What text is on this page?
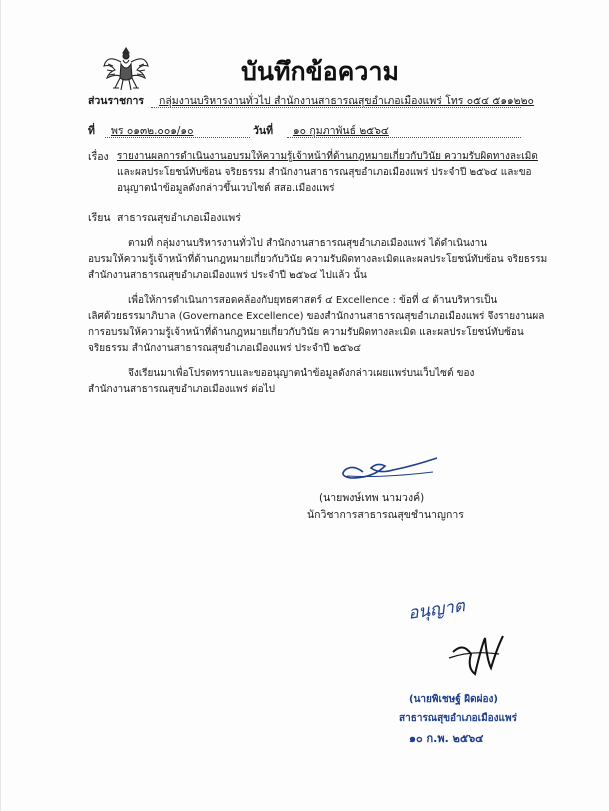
บันทึกข้อความ
ส่วนราชการ กลุ่มงานบริหารงานทั่วไป สำนักงานสาธารณสุขอำเภอเมืองแพร่ โทร ๐๕๔ ๕๑๑๒๒๐
ที่ พร ๐๑๓๒.๐๐๑/๑๐	วันที่ ๑๐ กุมภาพันธ์ ๒๕๖๔
เรื่อง รายงานผลการดำเนินงานอบรมให้ความรู้เจ้าหน้าที่ด้านกฎหมายเกี่ยวกับวินัย ความรับผิดทางละเมิด
และผลประโยชน์ทับซ้อน จริยธรรม สำนักงานสาธารณสุขอำเภอเมืองแพร่ ประจำปี ๒๕๖๔ และขอ
อนุญาตนำข้อมูลดังกล่าวขึ้นเวบไซต์ สสอ.เมืองแพร่
เรียน สาธารณสุขอำเภอเมืองแพร่
ตามที่ กลุ่มงานบริหารงานทั่วไป สำนักงานสาธารณสุขอำเภอเมืองแพร่ ได้ดำเนินงาน
อบรมให้ความรู้เจ้าหน้าที่ด้านกฎหมายเกี่ยวกับวินัย ความรับผิดทางละเมิดและผลประโยชน์ทับซ้อน จริยธรรม
สำนักงานสาธารณสุขอำเภอเมืองแพร่ ประจำปี ๒๕๖๔ ไปแล้ว นั้น
เพื่อให้การดำเนินการสอดคล้องกับยุทธศาสตร์ ๔ Excellence : ข้อที่ ๔ ด้านบริหารเป็น
เลิศด้วยธรรมาภิบาล (Governance Excellence) ของสำนักงานสาธารณสุขอำเภอเมืองแพร่ จึงรายงานผล
การอบรมให้ความรู้เจ้าหน้าที่ด้านกฎหมายเกี่ยวกับวินัย ความรับผิดทางละเมิด และผลประโยชน์ทับซ้อน
จริยธรรม สำนักงานสาธารณสุขอำเภอเมืองแพร่ ประจำปี ๒๕๖๔
จึงเรียนมาเพื่อโปรดทราบและขออนุญาตนำข้อมูลดังกล่าวเผยแพร่บนเว็บไซต์ ของ
สำนักงานสาธารณสุขอำเภอเมืองแพร่ ต่อไป
(นายพงษ์เทพ นามวงค์)
นักวิชาการสาธารณสุขชำนาญการ
อนุญาต
(นายพิเชษฐ์ ผิดผ่อง)
สาธารณสุขอำเภอเมืองแพร่
๑๐ ก.พ. ๒๕๖๔
